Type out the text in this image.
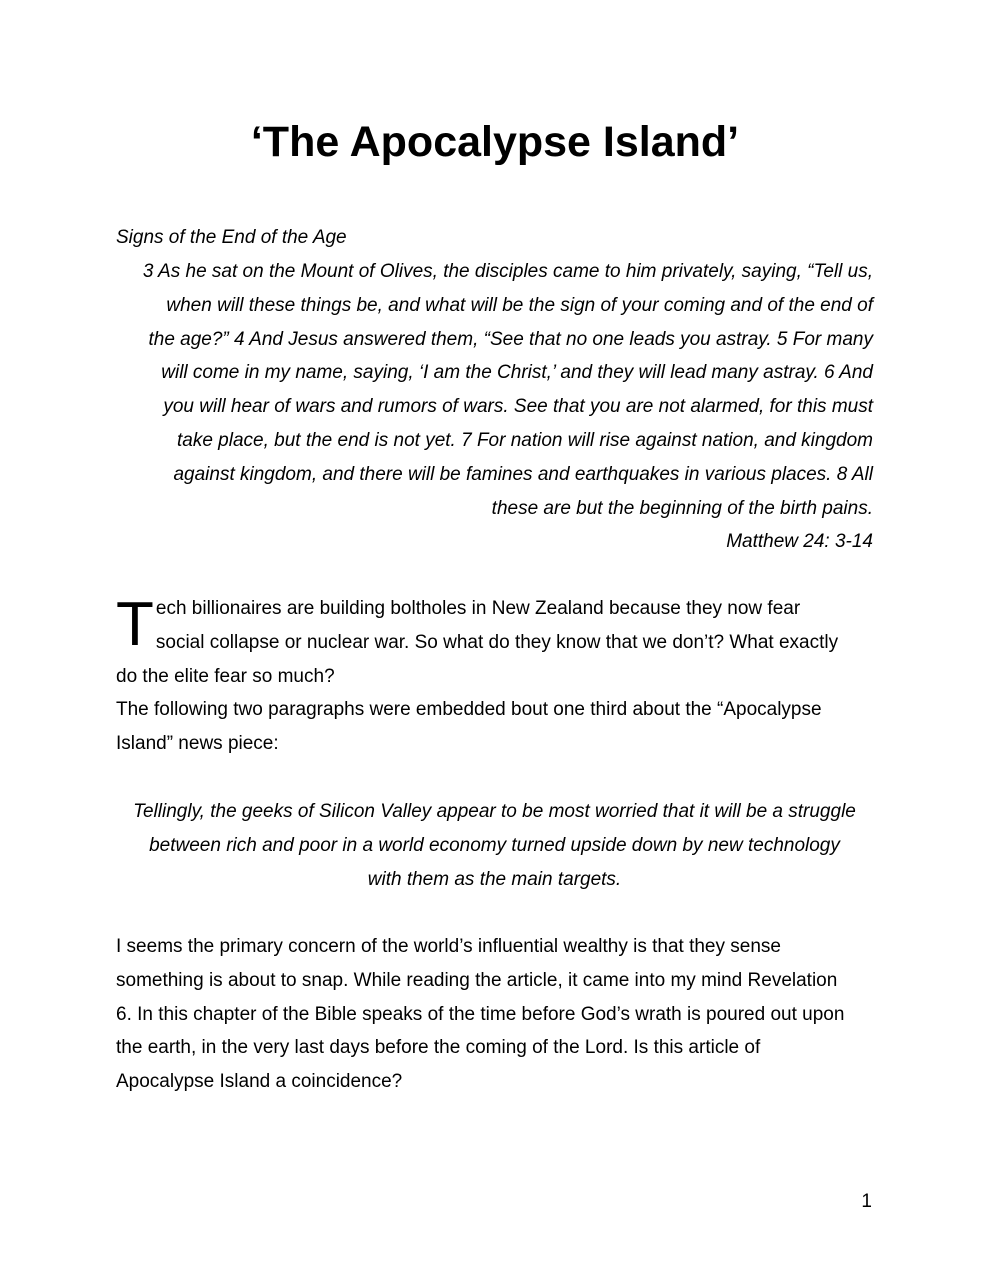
‘The Apocalypse Island’

Signs of the End of the Age

3 As he sat on the Mount of Olives, the disciples came to him privately, saying, “Tell us,
when will these things be, and what will be the sign of your coming and of the end of
the age?” 4 And Jesus answered them, “See that no one leads you astray. 5 For many
will come in my name, saying, ‘I am the Christ,’ and they will lead many astray. 6 And
you will hear of wars and rumors of wars. See that you are not alarmed, for this must
take place, but the end is not yet. 7 For nation will rise against nation, and kingdom
against kingdom, and there will be famines and earthquakes in various places. 8 All
these are but the beginning of the birth pains.
Matthew 24: 3-14
T ech billionaires are building boltholes in New Zealand because they now fear
social collapse or nuclear war. So what do they know that we don’t? What exactly
do the elite fear so much?
The following two paragraphs were embedded bout one third about the “Apocalypse
Island” news piece:
Tellingly, the geeks of Silicon Valley appear to be most worried that it will be a struggle
between rich and poor in a world economy turned upside down by new technology
with them as the main targets.
I seems the primary concern of the world’s influential wealthy is that they sense
something is about to snap. While reading the article, it came into my mind Revelation
6. In this chapter of the Bible speaks of the time before God’s wrath is poured out upon
the earth, in the very last days before the coming of the Lord. Is this article of
Apocalypse Island a coincidence?
1
